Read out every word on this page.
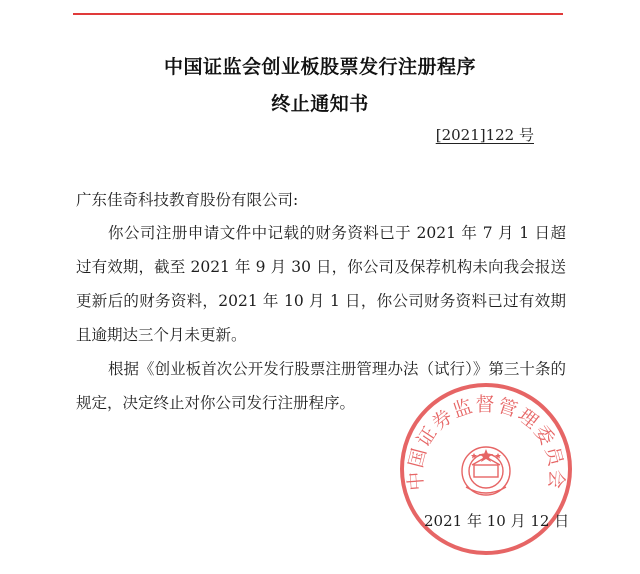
中国证监会创业板股票发行注册程序
终止通知书
[2021]122 号
广东佳奇科技教育股份有限公司:
你公司注册申请文件中记载的财务资料已于 2021 年 7 月 1 日超过有效期，截至 2021 年 9 月 30 日，你公司及保荐机构未向我会报送更新后的财务资料，2021 年 10 月 1 日，你公司财务资料已过有效期且逾期达三个月未更新。
根据《创业板首次公开发行股票注册管理办法（试行）》第三十条的规定，决定终止对你公司发行注册程序。
中国证券监督管理委员会
2021 年 10 月 12 日
